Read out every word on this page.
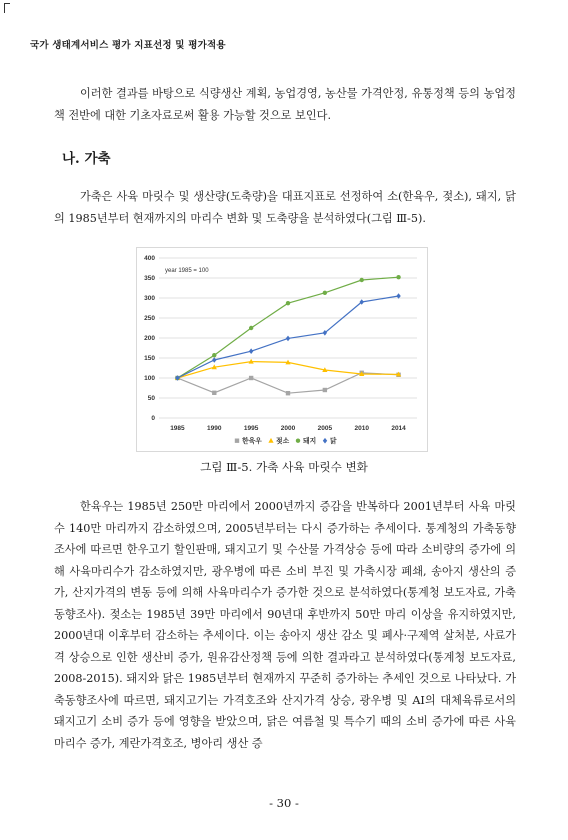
국가 생태계서비스 평가 지표선정 및 평가적용

이러한 결과를 바탕으로 식량생산 계획, 농업경영, 농산물 가격안정, 유통정책 등의 농업정책 전반에 대한 기초자료로써 활용 가능할 것으로 보인다.

나. 가축

가축은 사육 마릿수 및 생산량(도축량)을 대표지표로 선정하여 소(한육우, 젖소), 돼지, 닭의 1985년부터 현재까지의 마리수 변화 및 도축량을 분석하였다(그림 Ⅲ-5).

0
50
100
150
200
250
300
350
400
1985	1990	1995	2000	2005	2010	2014
year 1985 = 100
한육우 젖소 돼지 닭
그림 Ⅲ-5. 가축 사육 마릿수 변화

한육우는 1985년 250만 마리에서 2000년까지 증감을 반복하다 2001년부터 사육 마릿수 140만 마리까지 감소하였으며, 2005년부터는 다시 증가하는 추세이다. 통계청의 가축동향조사에 따르면 한우고기 할인판매, 돼지고기 및 수산물 가격상승 등에 따라 소비량의 증가에 의해 사육마리수가 감소하였지만, 광우병에 따른 소비 부진 및 가축시장 폐쇄, 송아지 생산의 증가, 산지가격의 변동 등에 의해 사육마리수가 증가한 것으로 분석하였다(통계청 보도자료, 가축동향조사). 젖소는 1985년 39만 마리에서 90년대 후반까지 50만 마리 이상을 유지하였지만, 2000년대 이후부터 감소하는 추세이다. 이는 송아지 생산 감소 및 폐사·구제역 살처분, 사료가격 상승으로 인한 생산비 증가, 원유감산정책 등에 의한 결과라고 분석하였다(통계청 보도자료, 2008-2015). 돼지와 닭은 1985년부터 현재까지 꾸준히 증가하는 추세인 것으로 나타났다. 가축동향조사에 따르면, 돼지고기는 가격호조와 산지가격 상승, 광우병 및 AI의 대체육류로서의 돼지고기 소비 증가 등에 영향을 받았으며, 닭은 여름철 및 특수기 때의 소비 증가에 따른 사육마리수 증가, 계란가격호조, 병아리 생산 증

- 30 -
